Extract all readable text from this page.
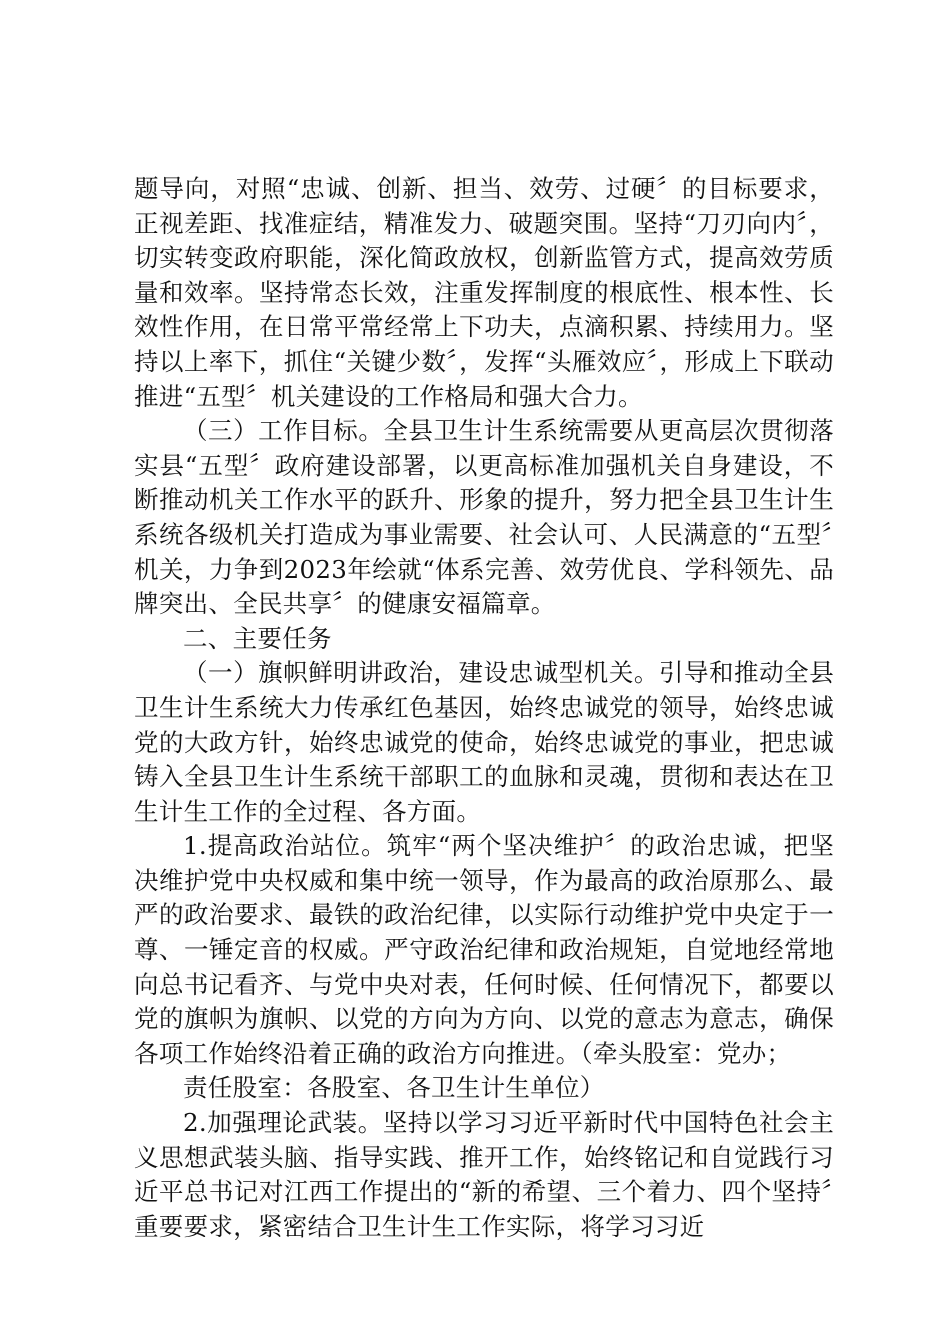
题导向，对照“忠诚、创新、担当、效劳、过硬〞的目标要求，正视差距、找准症结，精准发力、破题突围。坚持“刀刃向内〞，切实转变政府职能，深化简政放权，创新监管方式，提高效劳质量和效率。坚持常态长效，注重发挥制度的根底性、根本性、长效性作用，在日常平常经常上下功夫，点滴积累、持续用力。坚持以上率下，抓住“关键少数〞，发挥“头雁效应〞，形成上下联动推进“五型〞机关建设的工作格局和强大合力。

（三）工作目标。全县卫生计生系统需要从更高层次贯彻落实县“五型〞政府建设部署，以更高标准加强机关自身建设，不断推动机关工作水平的跃升、形象的提升，努力把全县卫生计生系统各级机关打造成为事业需要、社会认可、人民满意的“五型〞机关，力争到2023年绘就“体系完善、效劳优良、学科领先、品牌突出、全民共享〞的健康安福篇章。

二、主要任务

（一）旗帜鲜明讲政治，建设忠诚型机关。引导和推动全县卫生计生系统大力传承红色基因，始终忠诚党的领导，始终忠诚党的大政方针，始终忠诚党的使命，始终忠诚党的事业，把忠诚铸入全县卫生计生系统干部职工的血脉和灵魂，贯彻和表达在卫生计生工作的全过程、各方面。

1.提高政治站位。筑牢“两个坚决维护〞的政治忠诚，把坚决维护党中央权威和集中统一领导，作为最高的政治原那么、最严的政治要求、最铁的政治纪律，以实际行动维护党中央定于一尊、一锤定音的权威。严守政治纪律和政治规矩，自觉地经常地向总书记看齐、与党中央对表，任何时候、任何情况下，都要以党的旗帜为旗帜、以党的方向为方向、以党的意志为意志，确保各项工作始终沿着正确的政治方向推进。（牵头股室：党办；

责任股室：各股室、各卫生计生单位）

2.加强理论武装。坚持以学习习近平新时代中国特色社会主义思想武装头脑、指导实践、推开工作，始终铭记和自觉践行习近平总书记对江西工作提出的“新的希望、三个着力、四个坚持〞重要要求，紧密结合卫生计生工作实际，将学习习近
